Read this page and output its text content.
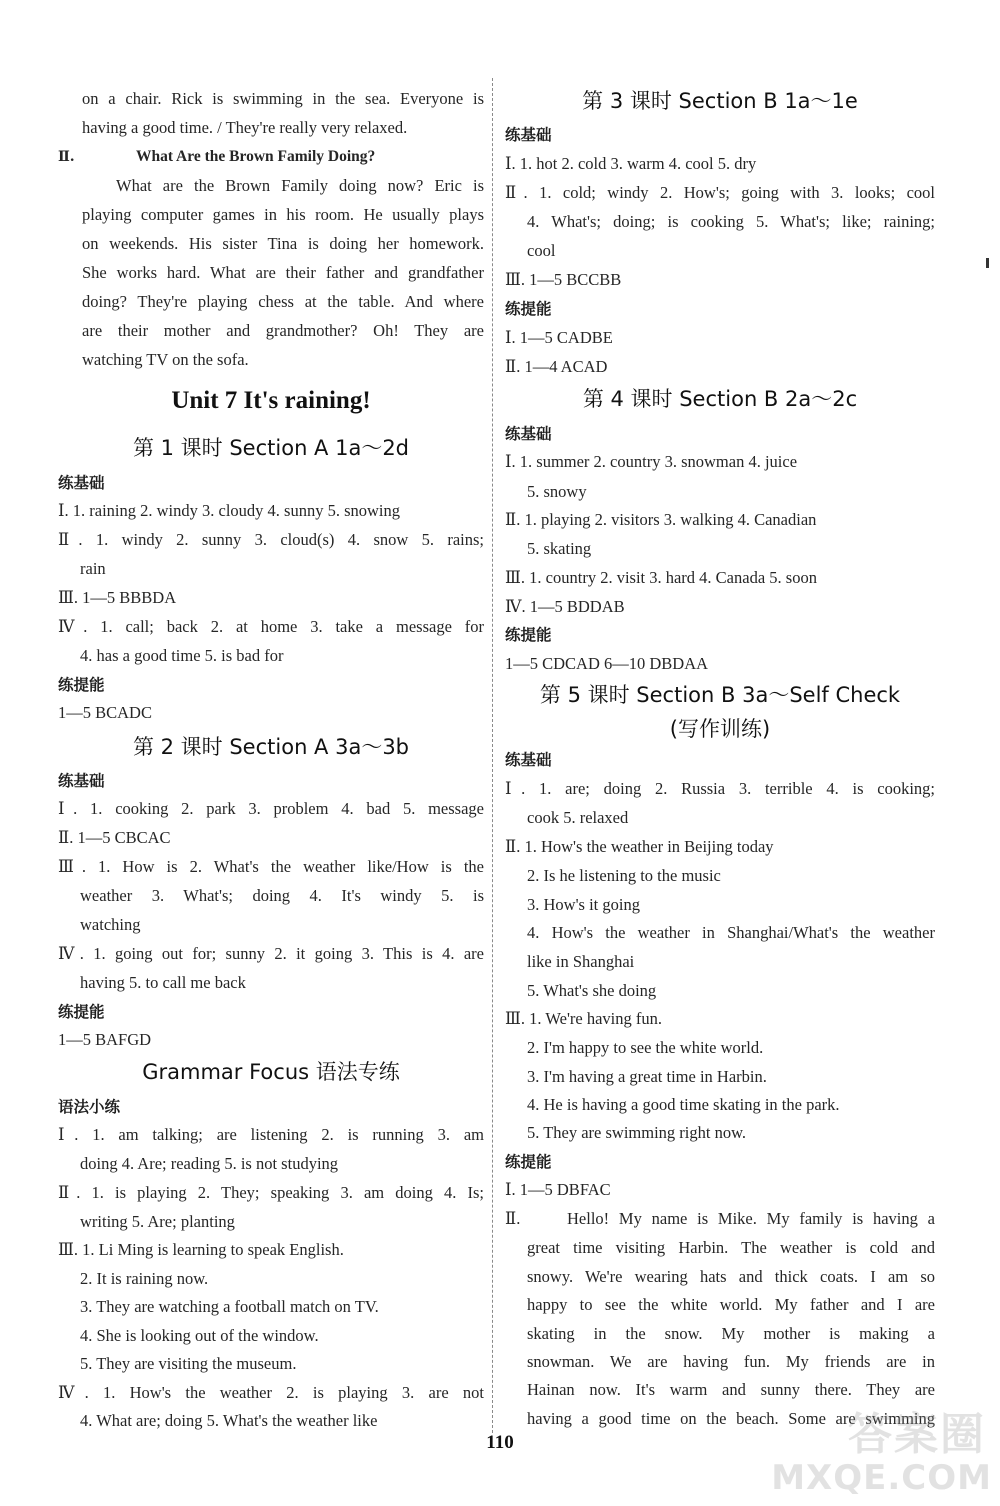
on a chair. Rick is swimming in the sea. Everyone is
having a good time. / They're really very relaxed.
Ⅱ.	What Are the Brown Family Doing?
What are the Brown Family doing now? Eric is
playing computer games in his room. He usually plays
on weekends. His sister Tina is doing her homework.
She works hard. What are their father and grandfather
doing? They're playing chess at the table. And where
are their mother and grandmother? Oh! They are
watching TV on the sofa.
Unit 7 It's raining!
第 1 课时 Section A 1a～2d
练基础
Ⅰ. 1. raining 2. windy 3. cloudy 4. sunny 5. snowing
Ⅱ. 1. windy 2. sunny 3. cloud(s) 4. snow 5. rains;
rain
Ⅲ. 1—5 BBBDA
Ⅳ. 1. call; back 2. at home 3. take a message for
4. has a good time 5. is bad for
练提能
1—5 BCADC
第 2 课时 Section A 3a～3b
练基础
Ⅰ. 1. cooking 2. park 3. problem 4. bad 5. message
Ⅱ. 1—5 CBCAC
Ⅲ. 1. How is 2. What's the weather like/How is the
weather 3. What's; doing 4. It's windy 5. is
watching
Ⅳ. 1. going out for; sunny 2. it going 3. This is 4. are
having 5. to call me back
练提能
1—5 BAFGD
Grammar Focus 语法专练
语法小练
Ⅰ. 1. am talking; are listening 2. is running 3. am
doing 4. Are; reading 5. is not studying
Ⅱ. 1. is playing 2. They; speaking 3. am doing 4. Is;
writing 5. Are; planting
Ⅲ. 1. Li Ming is learning to speak English.
2. It is raining now.
3. They are watching a football match on TV.
4. She is looking out of the window.
5. They are visiting the museum.
Ⅳ. 1. How's the weather 2. is playing 3. are not
4. What are; doing 5. What's the weather like
第 3 课时 Section B 1a～1e
练基础
Ⅰ. 1. hot 2. cold 3. warm 4. cool 5. dry
Ⅱ. 1. cold; windy 2. How's; going with 3. looks; cool
4. What's; doing; is cooking 5. What's; like; raining;
cool
Ⅲ. 1—5 BCCBB
练提能
Ⅰ. 1—5 CADBE
Ⅱ. 1—4 ACAD
第 4 课时 Section B 2a～2c
练基础
Ⅰ. 1. summer 2. country 3. snowman 4. juice
5. snowy
Ⅱ. 1. playing 2. visitors 3. walking 4. Canadian
5. skating
Ⅲ. 1. country 2. visit 3. hard 4. Canada 5. soon
Ⅳ. 1—5 BDDAB
练提能
1—5 CDCAD 6—10 DBDAA
第 5 课时 Section B 3a～Self Check
(写作训练)
练基础
Ⅰ. 1. are; doing 2. Russia 3. terrible 4. is cooking;
cook 5. relaxed
Ⅱ. 1. How's the weather in Beijing today
2. Is he listening to the music
3. How's it going
4. How's the weather in Shanghai/What's the weather
like in Shanghai
5. What's she doing
Ⅲ. 1. We're having fun.
2. I'm happy to see the white world.
3. I'm having a great time in Harbin.
4. He is having a good time skating in the park.
5. They are swimming right now.
练提能
Ⅰ. 1—5 DBFAC
Ⅱ.	Hello! My name is Mike. My family is having a
great time visiting Harbin. The weather is cold and
snowy. We're wearing hats and thick coats. I am so
happy to see the white world. My father and I are
skating in the snow. My mother is making a
snowman. We are having fun. My friends are in
Hainan now. It's warm and sunny there. They are
having a good time on the beach. Some are swimming
110	答案圈
MXQE.COM
